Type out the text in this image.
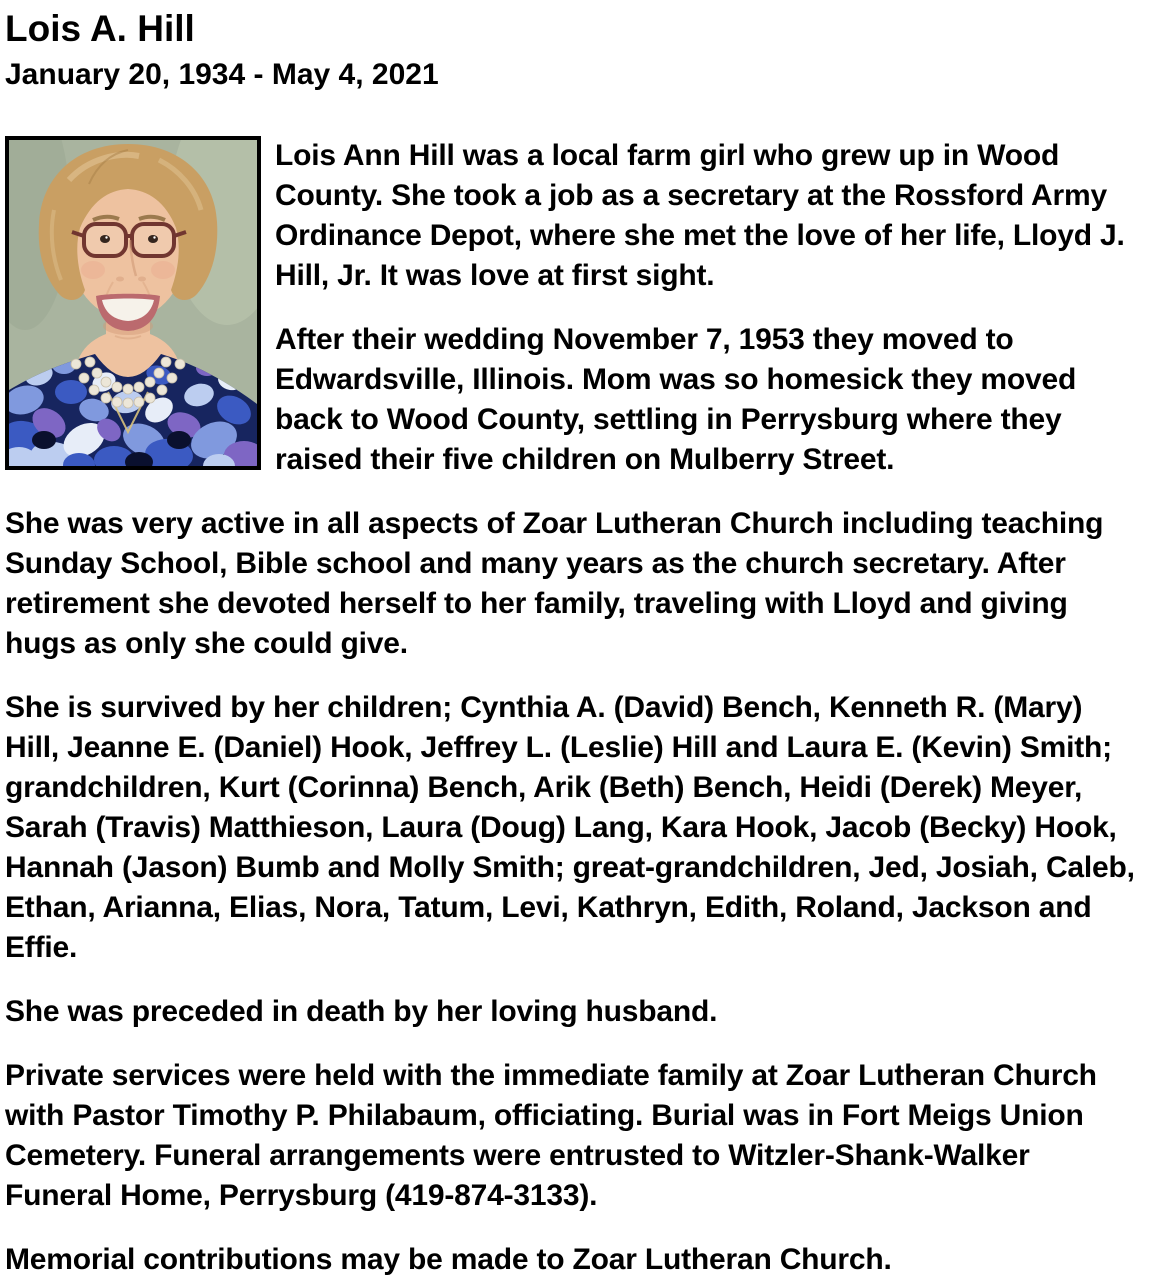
Lois A. Hill
January 20, 1934 - May 4, 2021

Lois Ann Hill was a local farm girl who grew up in Wood County. She took a job as a secretary at the Rossford Army Ordinance Depot, where she met the love of her life, Lloyd J. Hill, Jr. It was love at first sight.

After their wedding November 7, 1953 they moved to Edwardsville, Illinois. Mom was so homesick they moved back to Wood County, settling in Perrysburg where they raised their five children on Mulberry Street.

She was very active in all aspects of Zoar Lutheran Church including teaching Sunday School, Bible school and many years as the church secretary. After retirement she devoted herself to her family, traveling with Lloyd and giving hugs as only she could give.

She is survived by her children; Cynthia A. (David) Bench, Kenneth R. (Mary) Hill, Jeanne E. (Daniel) Hook, Jeffrey L. (Leslie) Hill and Laura E. (Kevin) Smith; grandchildren, Kurt (Corinna) Bench, Arik (Beth) Bench, Heidi (Derek) Meyer, Sarah (Travis) Matthieson, Laura (Doug) Lang, Kara Hook, Jacob (Becky) Hook, Hannah (Jason) Bumb and Molly Smith; great-grandchildren, Jed, Josiah, Caleb, Ethan, Arianna, Elias, Nora, Tatum, Levi, Kathryn, Edith, Roland, Jackson and Effie.

She was preceded in death by her loving husband.

Private services were held with the immediate family at Zoar Lutheran Church with Pastor Timothy P. Philabaum, officiating. Burial was in Fort Meigs Union Cemetery. Funeral arrangements were entrusted to Witzler-Shank-Walker Funeral Home, Perrysburg (419-874-3133).

Memorial contributions may be made to Zoar Lutheran Church.
